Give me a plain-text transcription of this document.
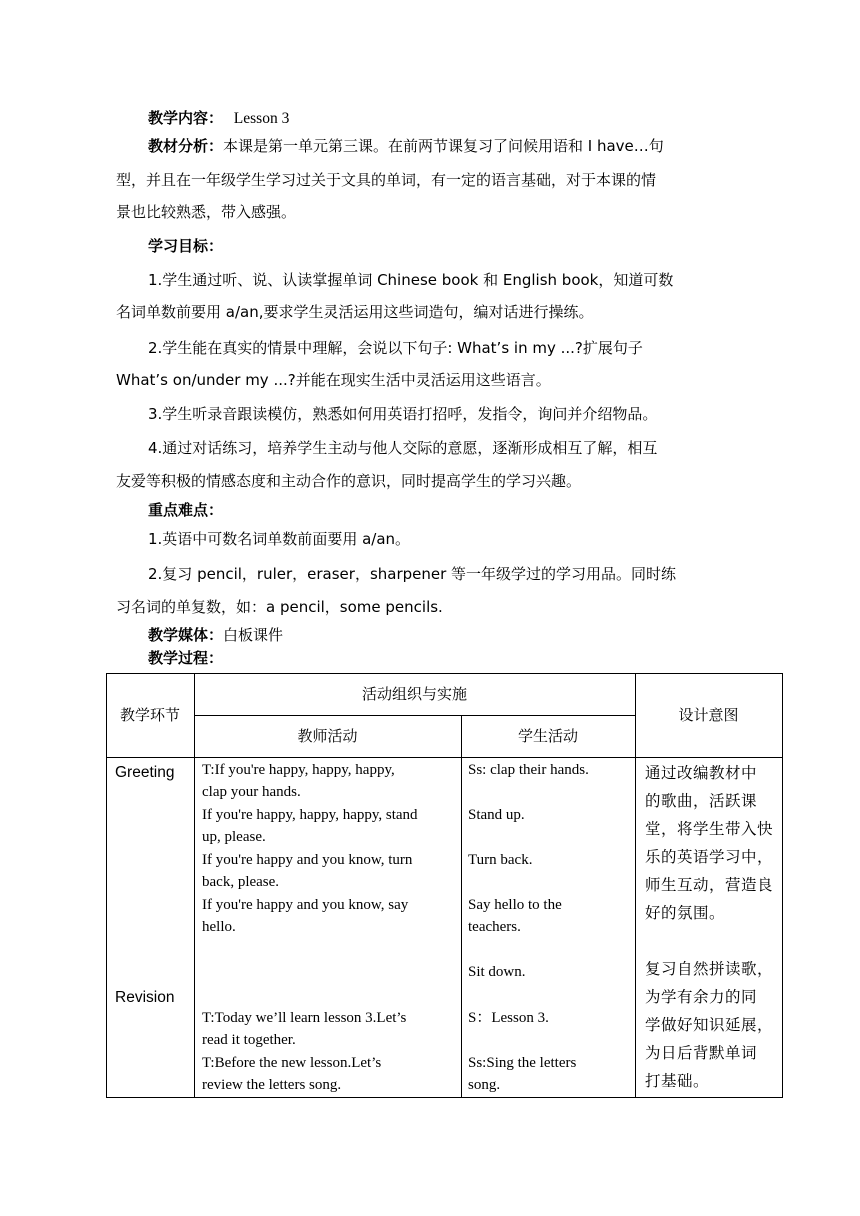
教学内容： Lesson 3
教材分析：本课是第一单元第三课。在前两节课复习了问候用语和 I have…句
型，并且在一年级学生学习过关于文具的单词，有一定的语言基础，对于本课的情
景也比较熟悉，带入感强。
学习目标：
1.学生通过听、说、认读掌握单词 Chinese book 和 English book，知道可数
名词单数前要用 a/an,要求学生灵活运用这些词造句，编对话进行操练。
2.学生能在真实的情景中理解，会说以下句子: What’s in my ...?扩展句子
What’s on/under my ...?并能在现实生活中灵活运用这些语言。
3.学生听录音跟读模仿，熟悉如何用英语打招呼，发指令，询问并介绍物品。
4.通过对话练习，培养学生主动与他人交际的意愿，逐渐形成相互了解，相互
友爱等积极的情感态度和主动合作的意识，同时提高学生的学习兴趣。
重点难点：
1.英语中可数名词单数前面要用 a/an。
2.复习 pencil，ruler，eraser，sharpener 等一年级学过的学习用品。同时练
习名词的单复数，如：a pencil，some pencils.
教学媒体：白板课件
教学过程：
教学环节
活动组织与实施
教师活动	学生活动
设计意图
Greeting
Revision
T:If you're happy, happy, happy,
clap your hands.
If you're happy, happy, happy, stand
up, please.
If you're happy and you know, turn
back, please.
If you're happy and you know, say
hello.
T:Today we’ll learn lesson 3.Let’s
read it together.
T:Before the new lesson.Let’s
review the letters song.
Ss: clap their hands.
Stand up.
Turn back.
Say hello to the
teachers.
Sit down.
S：Lesson 3.
Ss:Sing the letters
song.
通过改编教材中
的歌曲，活跃课
堂，将学生带入快
乐的英语学习中，
师生互动，营造良
好的氛围。
复习自然拼读歌，
为学有余力的同
学做好知识延展，
为日后背默单词
打基础。
